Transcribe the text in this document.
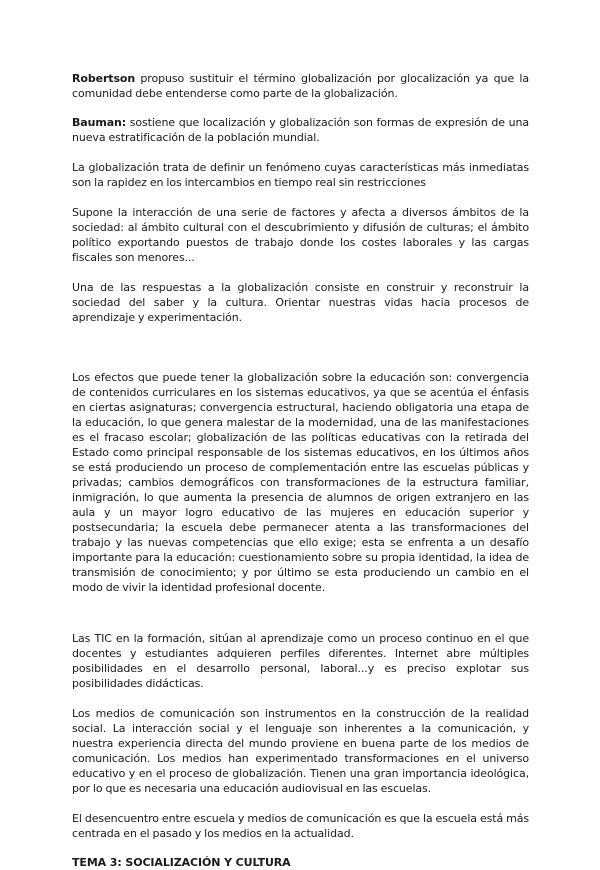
Robertson propuso sustituir el término globalización por glocalización ya que la comunidad debe entenderse como parte de la globalización.

Bauman: sostiene que localización y globalización son formas de expresión de una nueva estratificación de la población mundial.

La globalización trata de definir un fenómeno cuyas características más inmediatas son la rapidez en los intercambios en tiempo real sin restricciones

Supone la interacción de una serie de factores y afecta a diversos ámbitos de la sociedad: al ámbito cultural con el descubrimiento y difusión de culturas; el ámbito político exportando puestos de trabajo donde los costes laborales y las cargas fiscales son menores...

Una de las respuestas a la globalización consiste en construir y reconstruir la sociedad del saber y la cultura. Orientar nuestras vidas hacia procesos de aprendizaje y experimentación.

Los efectos que puede tener la globalización sobre la educación son: convergencia de contenidos curriculares en los sistemas educativos, ya que se acentúa el énfasis en ciertas asignaturas; convergencia estructural, haciendo obligatoria una etapa de la educación, lo que genera malestar de la modernidad, una de las manifestaciones es el fracaso escolar; globalización de las políticas educativas con la retirada del Estado como principal responsable de los sistemas educativos, en los últimos años se está produciendo un proceso de complementación entre las escuelas públicas y privadas; cambios demográficos con transformaciones de la estructura familiar, inmigración, lo que aumenta la presencia de alumnos de origen extranjero en las aula y un mayor logro educativo de las mujeres en educación superior y postsecundaria; la escuela debe permanecer atenta a las transformaciones del trabajo y las nuevas competencias que ello exige; esta se enfrenta a un desafío importante para la educación: cuestionamiento sobre su propia identidad, la idea de transmisión de conocimiento; y por último se esta produciendo un cambio en el modo de vivir la identidad profesional docente.

Las TIC en la formación, sitúan al aprendizaje como un proceso continuo en el que docentes y estudiantes adquieren perfiles diferentes. Internet abre múltiples posibilidades en el desarrollo personal, laboral...y es preciso explotar sus posibilidades didácticas.

Los medios de comunicación son instrumentos en la construcción de la realidad social. La interacción social y el lenguaje son inherentes a la comunicación, y nuestra experiencia directa del mundo proviene en buena parte de los medios de comunicación. Los medios han experimentado transformaciones en el universo educativo y en el proceso de globalización. Tienen una gran importancia ideológica, por lo que es necesaria una educación audiovisual en las escuelas.

El desencuentro entre escuela y medios de comunicación es que la escuela está más centrada en el pasado y los medios en la actualidad.

TEMA 3: SOCIALIZACIÓN Y CULTURA
